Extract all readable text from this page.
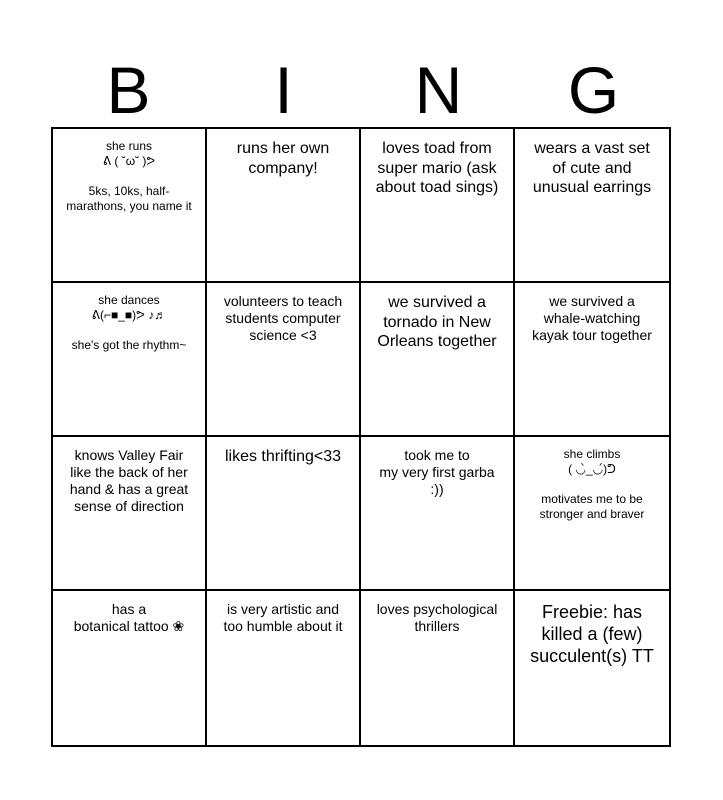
B	I	N	G
she runs
ᕕ ( ˘ω˘ )ᕗ

5ks, 10ks, half-marathons, you name it
runs her own company!
loves toad from super mario (ask about toad sings)
wears a vast set of cute and unusual earrings
she dances
ᕕ(⌐■_■)ᕗ ♪♬

she's got the rhythm~
volunteers to teach students computer science <3
we survived a tornado in New Orleans together
we survived a whale-watching kayak tour together
knows Valley Fair like the back of her hand & has a great sense of direction
likes thrifting<33	took me to
my very first garba :))
she climbs
( ◡̀_◡́)ᕤ

motivates me to be stronger and braver
has a
botanical tattoo ❀
is very artistic and too humble about it
loves psychological thrillers
Freebie: has killed a (few) succulent(s) TT
